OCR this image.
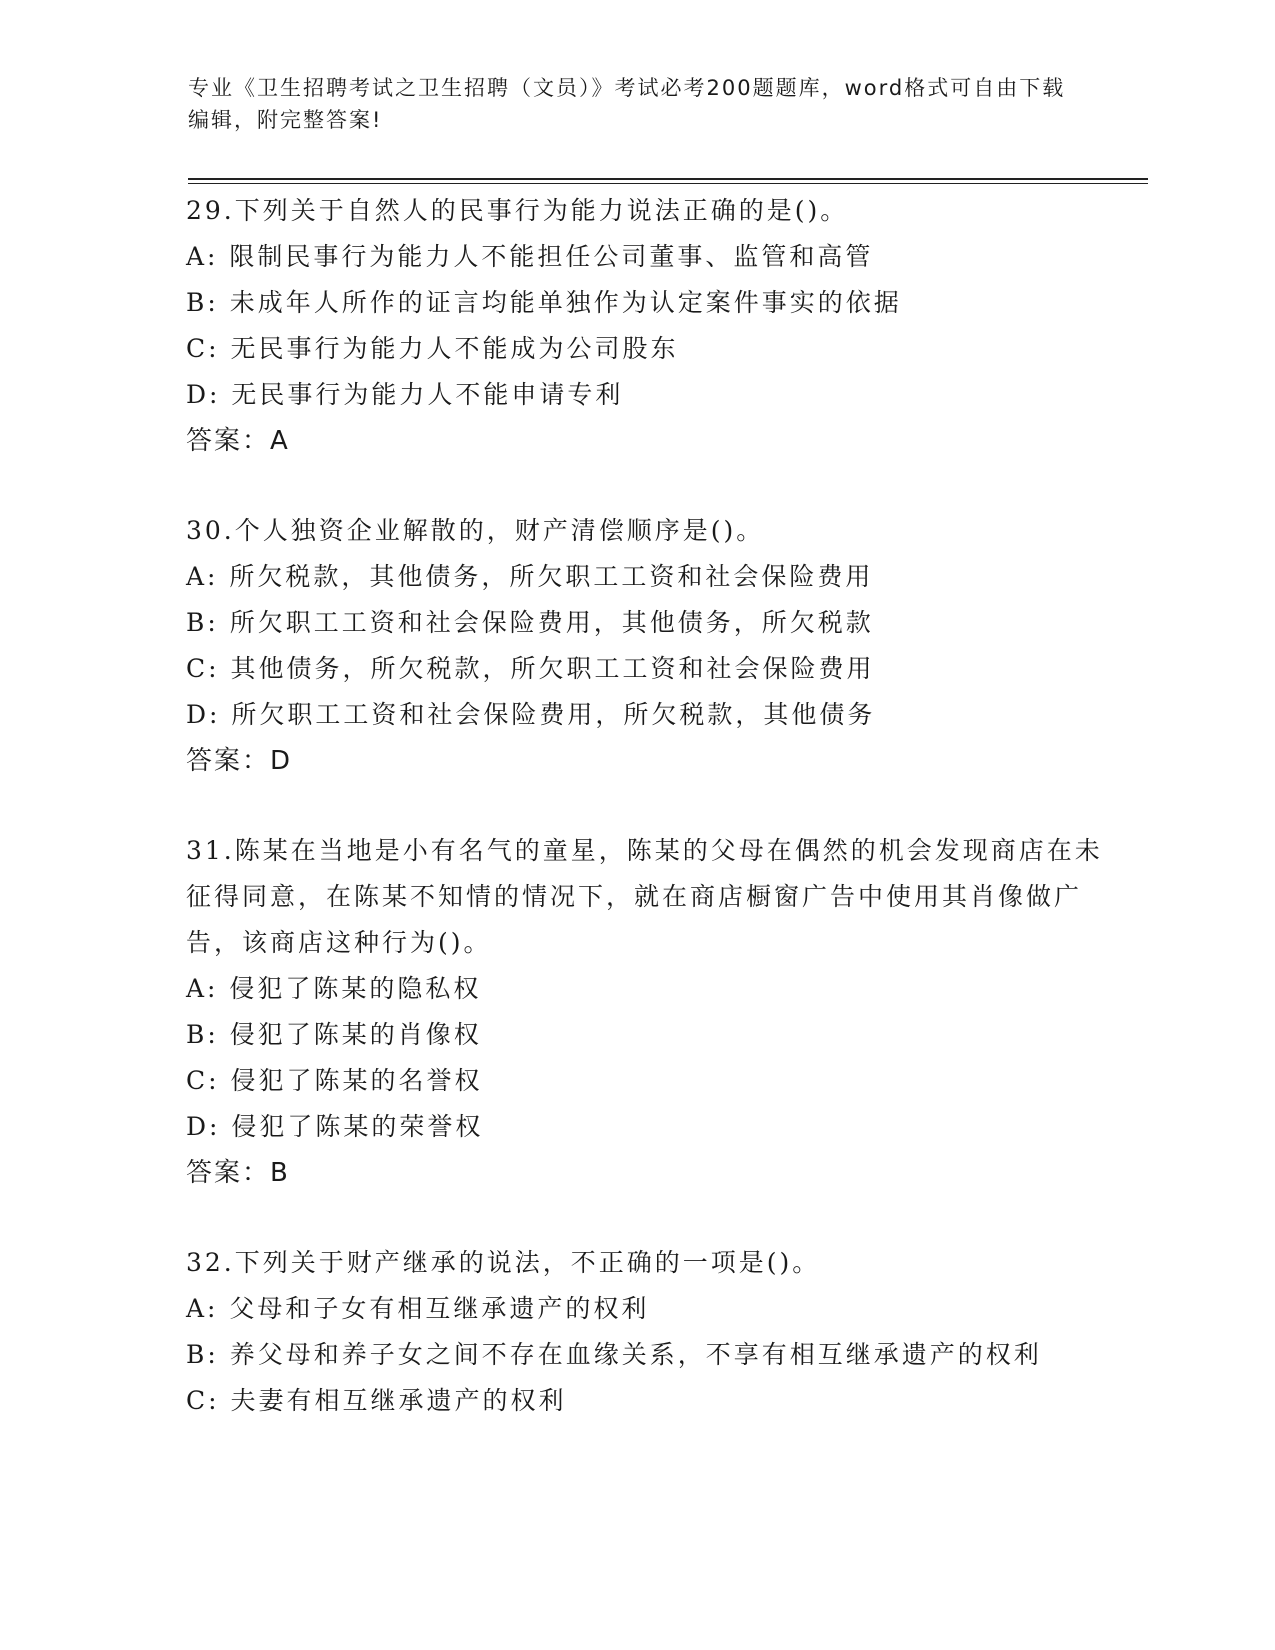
专业《卫生招聘考试之卫生招聘（文员）》考试必考200题题库，word格式可自由下载编辑，附完整答案!
29.下列关于自然人的民事行为能力说法正确的是()。
A: 限制民事行为能力人不能担任公司董事、监管和高管
B: 未成年人所作的证言均能单独作为认定案件事实的依据
C: 无民事行为能力人不能成为公司股东
D: 无民事行为能力人不能申请专利
答案：A
30.个人独资企业解散的，财产清偿顺序是()。
A: 所欠税款，其他债务，所欠职工工资和社会保险费用
B: 所欠职工工资和社会保险费用，其他债务，所欠税款
C: 其他债务，所欠税款，所欠职工工资和社会保险费用
D: 所欠职工工资和社会保险费用，所欠税款，其他债务
答案：D
31.陈某在当地是小有名气的童星，陈某的父母在偶然的机会发现商店在未征得同意，在陈某不知情的情况下，就在商店橱窗广告中使用其肖像做广告，该商店这种行为()。
A: 侵犯了陈某的隐私权
B: 侵犯了陈某的肖像权
C: 侵犯了陈某的名誉权
D: 侵犯了陈某的荣誉权
答案：B
32.下列关于财产继承的说法，不正确的一项是()。
A: 父母和子女有相互继承遗产的权利
B: 养父母和养子女之间不存在血缘关系，不享有相互继承遗产的权利
C: 夫妻有相互继承遗产的权利
